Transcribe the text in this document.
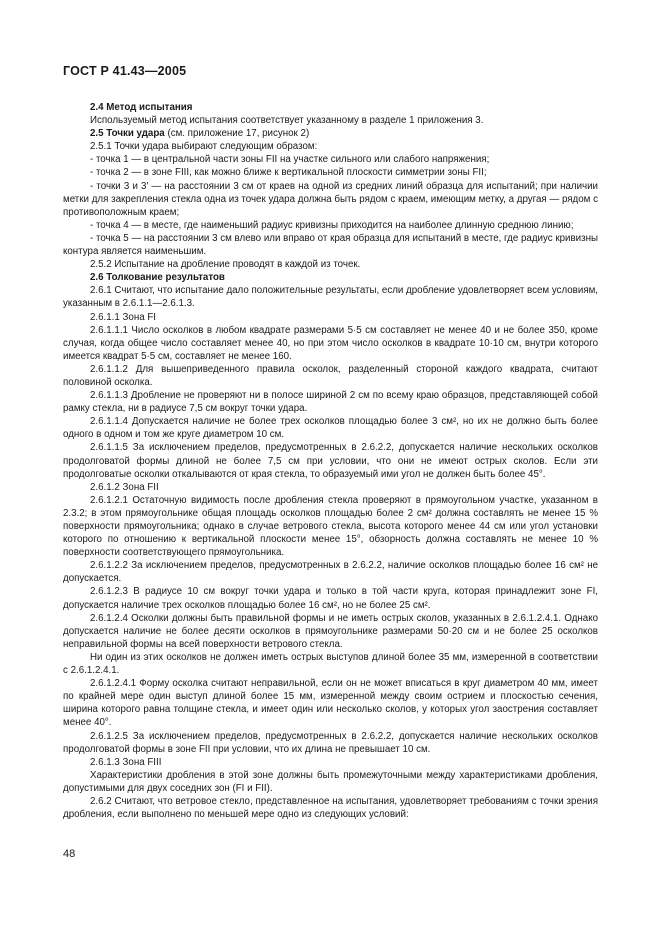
ГОСТ Р 41.43—2005

2.4 Метод испытания

Используемый метод испытания соответствует указанному в разделе 1 приложения 3.

2.5 Точки удара (см. приложение 17, рисунок 2)

2.5.1 Точки удара выбирают следующим образом:

- точка 1 — в центральной части зоны FII на участке сильного или слабого напряжения;

- точка 2 — в зоне FIII, как можно ближе к вертикальной плоскости симметрии зоны FII;

- точки 3 и 3′ — на расстоянии 3 см от краев на одной из средних линий образца для испытаний; при наличии метки для закрепления стекла одна из точек удара должна быть рядом с краем, имеющим метку, а другая — рядом с противоположным краем;

- точка 4 — в месте, где наименьший радиус кривизны приходится на наиболее длинную среднюю линию;

- точка 5 — на расстоянии 3 см влево или вправо от края образца для испытаний в месте, где радиус кривизны контура является наименьшим.

2.5.2 Испытание на дробление проводят в каждой из точек.

2.6 Толкование результатов

2.6.1 Считают, что испытание дало положительные результаты, если дробление удовлетворяет всем условиям, указанным в 2.6.1.1—2.6.1.3.

2.6.1.1 Зона FI

2.6.1.1.1 Число осколков в любом квадрате размерами 5·5 см составляет не менее 40 и не более 350, кроме случая, когда общее число составляет менее 40, но при этом число осколков в квадрате 10·10 см, внутри которого имеется квадрат 5·5 см, составляет не менее 160.

2.6.1.1.2 Для вышеприведенного правила осколок, разделенный стороной каждого квадрата, считают половиной осколка.

2.6.1.1.3 Дробление не проверяют ни в полосе шириной 2 см по всему краю образцов, представляющей собой рамку стекла, ни в радиусе 7,5 см вокруг точки удара.

2.6.1.1.4 Допускается наличие не более трех осколков площадью более 3 см², но их не должно быть более одного в одном и том же круге диаметром 10 см.

2.6.1.1.5 За исключением пределов, предусмотренных в 2.6.2.2, допускается наличие нескольких осколков продолговатой формы длиной не более 7,5 см при условии, что они не имеют острых сколов. Если эти продолговатые осколки откалываются от края стекла, то образуемый ими угол не должен быть более 45°.

2.6.1.2 Зона FII

2.6.1.2.1 Остаточную видимость после дробления стекла проверяют в прямоугольном участке, указанном в 2.3.2; в этом прямоугольнике общая площадь осколков площадью более 2 см² должна составлять не менее 15 % поверхности прямоугольника; однако в случае ветрового стекла, высота которого менее 44 см или угол установки которого по отношению к вертикальной плоскости менее 15°, обзорность должна составлять не менее 10 % поверхности соответствующего прямоугольника.

2.6.1.2.2 За исключением пределов, предусмотренных в 2.6.2.2, наличие осколков площадью более 16 см² не допускается.

2.6.1.2.3 В радиусе 10 см вокруг точки удара и только в той части круга, которая принадлежит зоне FI, допускается наличие трех осколков площадью более 16 см², но не более 25 см².

2.6.1.2.4 Осколки должны быть правильной формы и не иметь острых сколов, указанных в 2.6.1.2.4.1. Однако допускается наличие не более десяти осколков в прямоугольнике размерами 50·20 см и не более 25 осколков неправильной формы на всей поверхности ветрового стекла.

Ни один из этих осколков не должен иметь острых выступов длиной более 35 мм, измеренной в соответствии с 2.6.1.2.4.1.

2.6.1.2.4.1 Форму осколка считают неправильной, если он не может вписаться в круг диаметром 40 мм, имеет по крайней мере один выступ длиной более 15 мм, измеренной между своим острием и плоскостью сечения, ширина которого равна толщине стекла, и имеет один или несколько сколов, у которых угол заострения составляет менее 40°.

2.6.1.2.5 За исключением пределов, предусмотренных в 2.6.2.2, допускается наличие нескольких осколков продолговатой формы в зоне FII при условии, что их длина не превышает 10 см.

2.6.1.3 Зона FIII

Характеристики дробления в этой зоне должны быть промежуточными между характеристиками дробления, допустимыми для двух соседних зон (FI и FII).

2.6.2 Считают, что ветровое стекло, представленное на испытания, удовлетворяет требованиям с точки зрения дробления, если выполнено по меньшей мере одно из следующих условий:

48
